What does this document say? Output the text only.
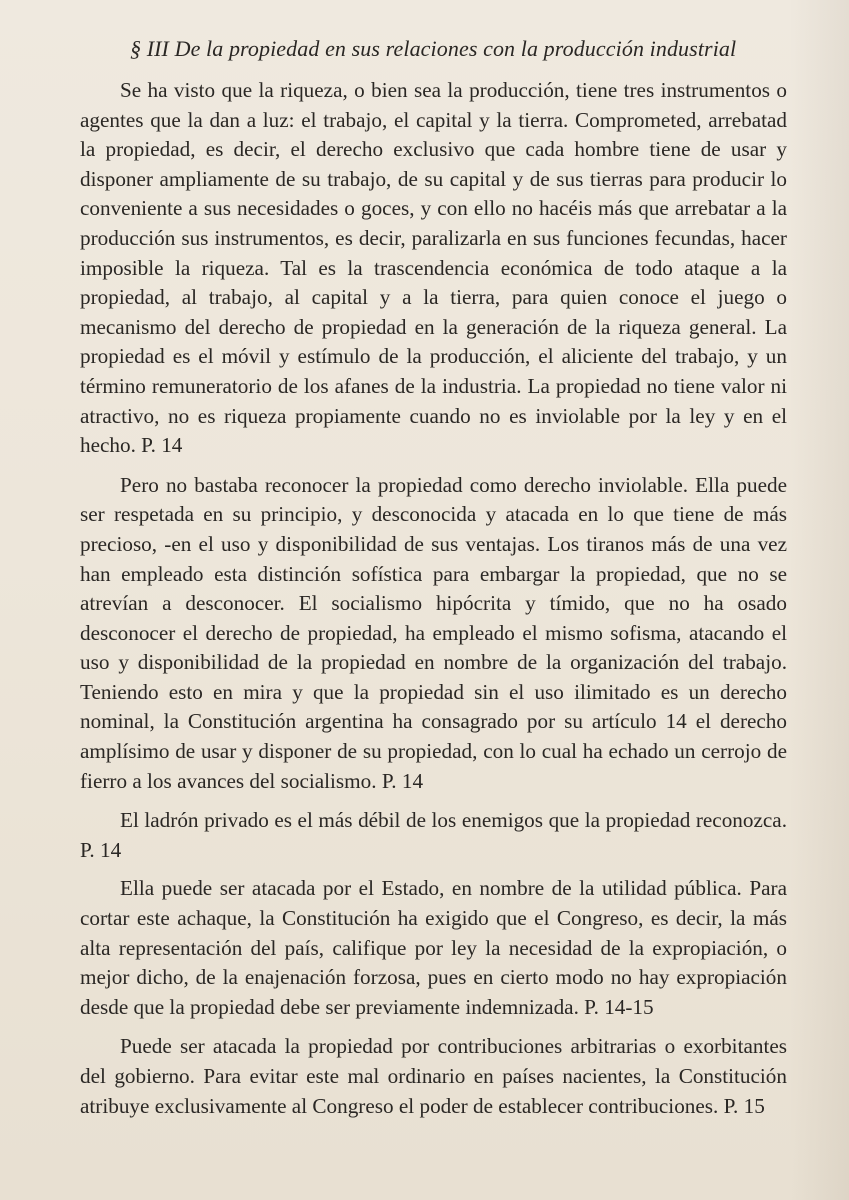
§ III De la propiedad en sus relaciones con la producción industrial

Se ha visto que la riqueza, o bien sea la producción, tiene tres instrumentos o agentes que la dan a luz: el trabajo, el capital y la tierra. Comprometed, arrebatad la propiedad, es decir, el derecho exclusivo que cada hombre tiene de usar y disponer ampliamente de su trabajo, de su capital y de sus tierras para producir lo conveniente a sus necesidades o goces, y con ello no hacéis más que arrebatar a la producción sus instrumentos, es decir, paralizarla en sus funciones fecundas, hacer imposible la riqueza. Tal es la trascendencia económica de todo ataque a la propiedad, al trabajo, al capital y a la tierra, para quien conoce el juego o mecanismo del derecho de propiedad en la generación de la riqueza general. La propiedad es el móvil y estímulo de la producción, el aliciente del trabajo, y un término remuneratorio de los afanes de la industria. La propiedad no tiene valor ni atractivo, no es riqueza propiamente cuando no es inviolable por la ley y en el hecho. P. 14

Pero no bastaba reconocer la propiedad como derecho inviolable. Ella puede ser respetada en su principio, y desconocida y atacada en lo que tiene de más precioso, -en el uso y disponibilidad de sus ventajas. Los tiranos más de una vez han empleado esta distinción sofística para embargar la propiedad, que no se atrevían a desconocer. El socialismo hipócrita y tímido, que no ha osado desconocer el derecho de propiedad, ha empleado el mismo sofisma, atacando el uso y disponibilidad de la propiedad en nombre de la organización del trabajo. Teniendo esto en mira y que la propiedad sin el uso ilimitado es un derecho nominal, la Constitución argentina ha consagrado por su artículo 14 el derecho amplísimo de usar y disponer de su propiedad, con lo cual ha echado un cerrojo de fierro a los avances del socialismo. P. 14

El ladrón privado es el más débil de los enemigos que la propiedad reconozca. P. 14

Ella puede ser atacada por el Estado, en nombre de la utilidad pública. Para cortar este achaque, la Constitución ha exigido que el Congreso, es decir, la más alta representación del país, califique por ley la necesidad de la expropiación, o mejor dicho, de la enajenación forzosa, pues en cierto modo no hay expropiación desde que la propiedad debe ser previamente indemnizada. P. 14-15

Puede ser atacada la propiedad por contribuciones arbitrarias o exorbitantes del gobierno. Para evitar este mal ordinario en países nacientes, la Constitución atribuye exclusivamente al Congreso el poder de establecer contribuciones. P. 15
